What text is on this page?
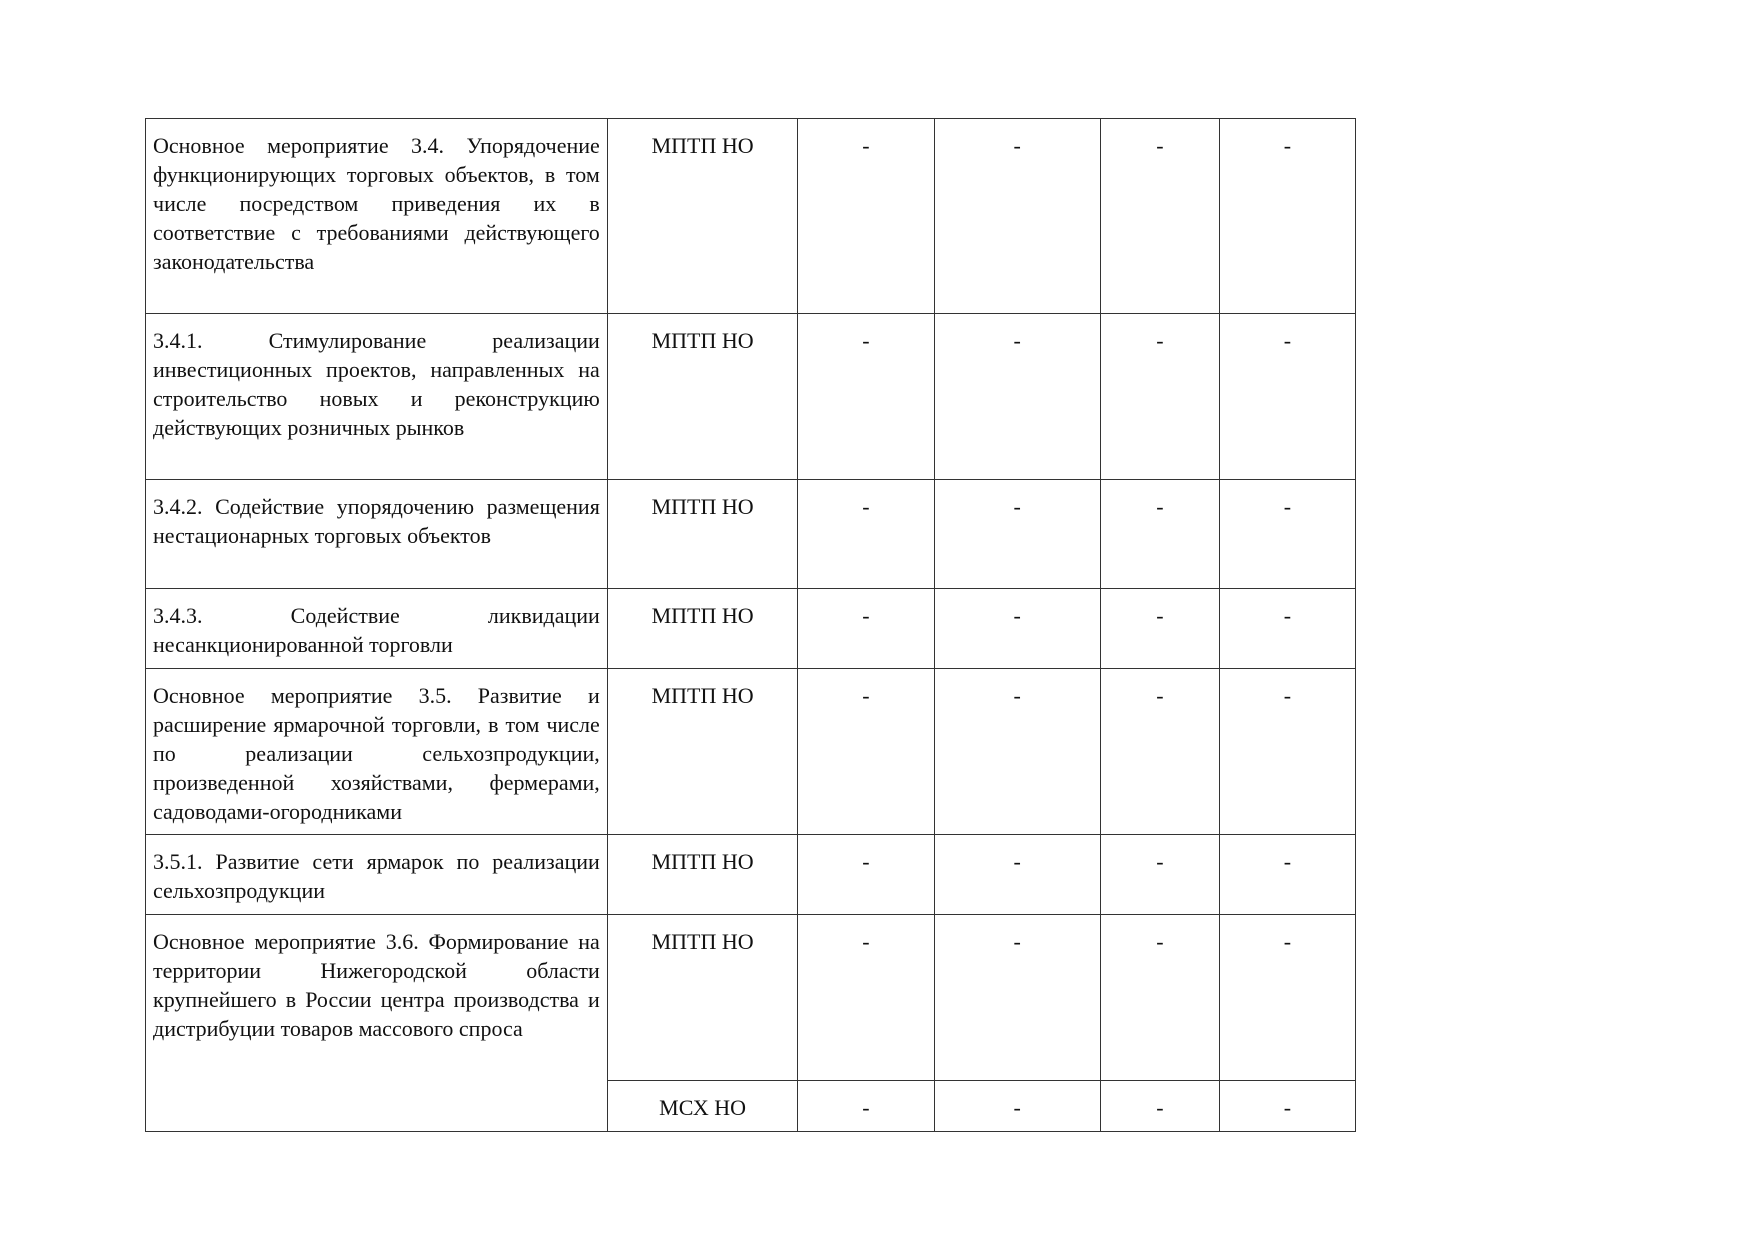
Основное мероприятие 3.4. Упорядочение функционирующих торговых объектов, в том числе посредством приведения их в соответствие с требованиями действующего законодательства	МПТП НО	-	-	-	-
3.4.1. Стимулирование реализации инвестиционных проектов, направленных на строительство новых и реконструкцию действующих розничных рынков	МПТП НО	-	-	-	-
3.4.2. Содействие упорядочению размещения нестационарных торговых объектов	МПТП НО	-	-	-	-
3.4.3. Содействие ликвидации несанкционированной торговли	МПТП НО	-	-	-	-
Основное мероприятие 3.5. Развитие и расширение ярмарочной торговли, в том числе по реализации сельхозпродукции, произведенной хозяйствами, фермерами, садоводами-огородниками	МПТП НО	-	-	-	-
3.5.1. Развитие сети ярмарок по реализации сельхозпродукции	МПТП НО	-	-	-	-
Основное мероприятие 3.6. Формирование на территории Нижегородской области крупнейшего в России центра производства и дистрибуции товаров массового спроса	МПТП НО	-	-	-	-
	МСХ НО	-	-	-	-
